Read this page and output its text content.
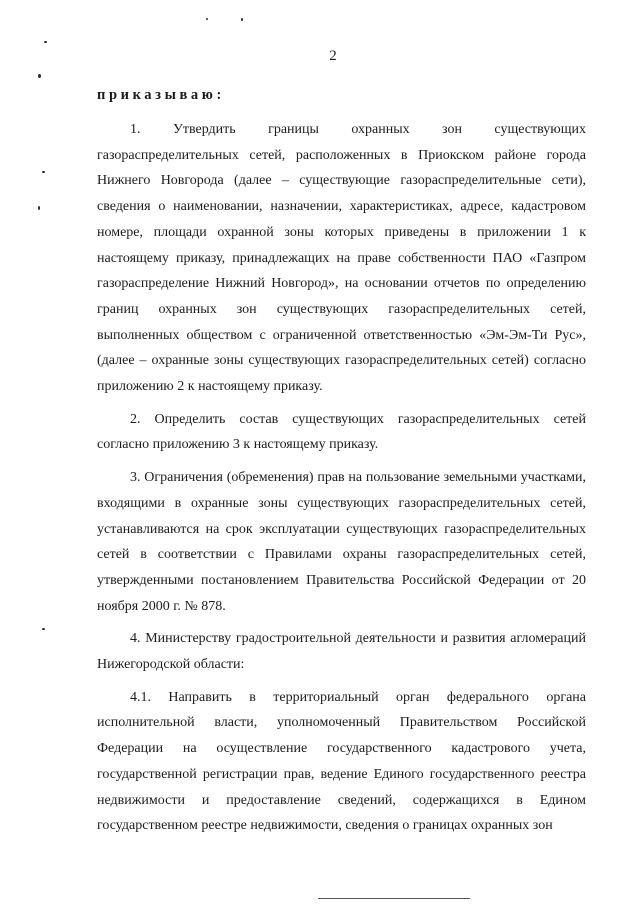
2
приказываю:

1. Утвердить границы охранных зон существующих газораспределительных сетей, расположенных в Приокском районе города Нижнего Новгорода (далее – существующие газораспределительные сети), сведения о наименовании, назначении, характеристиках, адресе, кадастровом номере, площади охранной зоны которых приведены в приложении 1 к настоящему приказу, принадлежащих на праве собственности ПАО «Газпром газораспределение Нижний Новгород», на основании отчетов по определению границ охранных зон существующих газораспределительных сетей, выполненных обществом с ограниченной ответственностью «Эм-Эм-Ти Рус», (далее – охранные зоны существующих газораспределительных сетей) согласно приложению 2 к настоящему приказу.

2. Определить состав существующих газораспределительных сетей согласно приложению 3 к настоящему приказу.

3. Ограничения (обременения) прав на пользование земельными участками, входящими в охранные зоны существующих газораспределительных сетей, устанавливаются на срок эксплуатации существующих газораспределительных сетей в соответствии с Правилами охраны газораспределительных сетей, утвержденными постановлением Правительства Российской Федерации от 20 ноября 2000 г. № 878.

4. Министерству градостроительной деятельности и развития агломераций Нижегородской области:

4.1. Направить в территориальный орган федерального органа исполнительной власти, уполномоченный Правительством Российской Федерации на осуществление государственного кадастрового учета, государственной регистрации прав, ведение Единого государственного реестра недвижимости и предоставление сведений, содержащихся в Едином государственном реестре недвижимости, сведения о границах охранных зон
